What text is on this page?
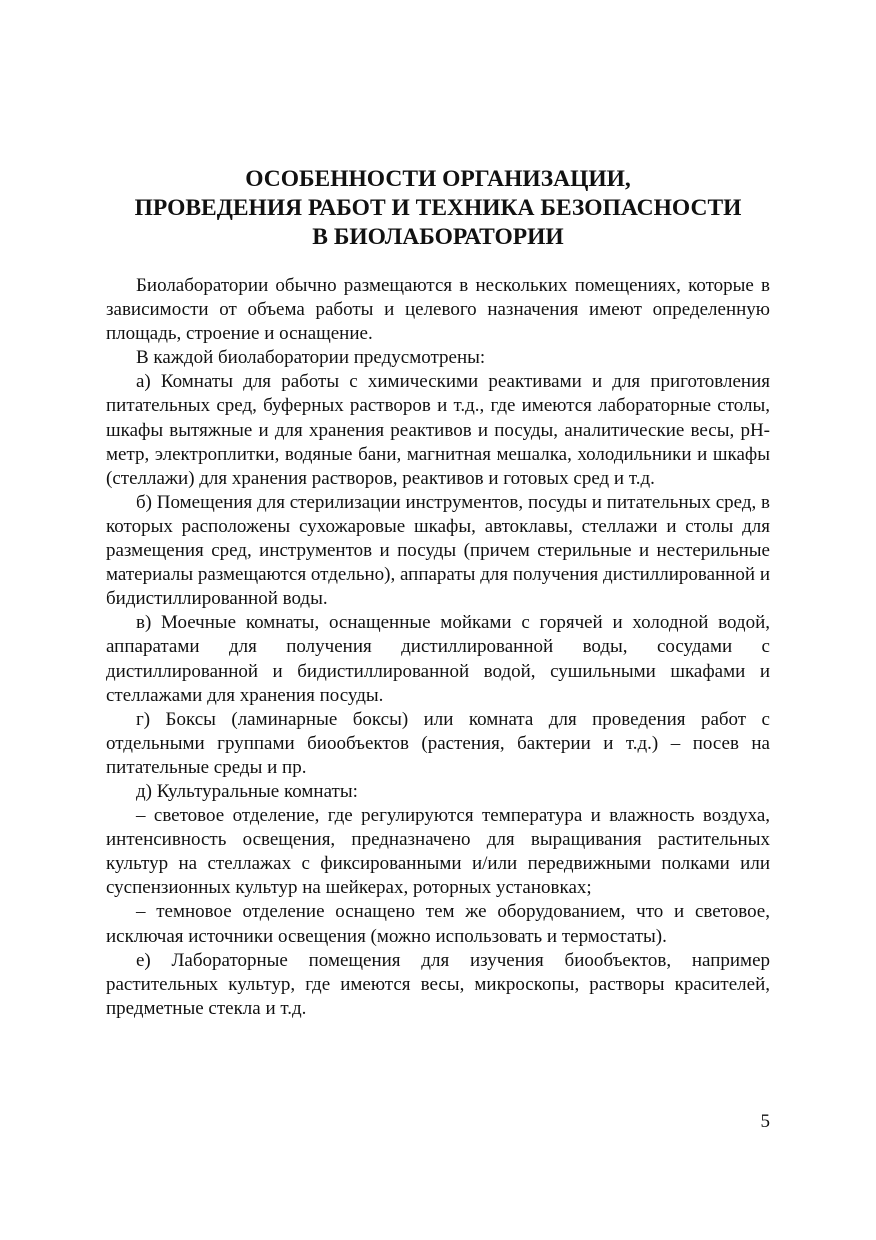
ОСОБЕННОСТИ ОРГАНИЗАЦИИ,
ПРОВЕДЕНИЯ РАБОТ И ТЕХНИКА БЕЗОПАСНОСТИ
В БИОЛАБОРАТОРИИ

Биолаборатории обычно размещаются в нескольких помещениях, которые в зависимости от объема работы и целевого назначения имеют определенную площадь, строение и оснащение.

В каждой биолаборатории предусмотрены:

а) Комнаты для работы с химическими реактивами и для приготовления питательных сред, буферных растворов и т.д., где имеются лабораторные столы, шкафы вытяжные и для хранения реактивов и посуды, аналитические весы, pH-метр, электроплитки, водяные бани, магнитная мешалка, холодильники и шкафы (стеллажи) для хранения растворов, реактивов и готовых сред и т.д.

б) Помещения для стерилизации инструментов, посуды и питательных сред, в которых расположены сухожаровые шкафы, автоклавы, стеллажи и столы для размещения сред, инструментов и посуды (причем стерильные и нестерильные материалы размещаются отдельно), аппараты для получения дистиллированной и бидистиллированной воды.

в) Моечные комнаты, оснащенные мойками с горячей и холодной водой, аппаратами для получения дистиллированной воды, сосудами с дистиллированной и бидистиллированной водой, сушильными шкафами и стеллажами для хранения посуды.

г) Боксы (ламинарные боксы) или комната для проведения работ с отдельными группами биообъектов (растения, бактерии и т.д.) – посев на питательные среды и пр.

д) Культуральные комнаты:

– световое отделение, где регулируются температура и влажность воздуха, интенсивность освещения, предназначено для выращивания растительных культур на стеллажах с фиксированными и/или передвижными полками или суспензионных культур на шейкерах, роторных установках;

– темновое отделение оснащено тем же оборудованием, что и световое, исключая источники освещения (можно использовать и термостаты).

е) Лабораторные помещения для изучения биообъектов, например растительных культур, где имеются весы, микроскопы, растворы красителей, предметные стекла и т.д.

5
